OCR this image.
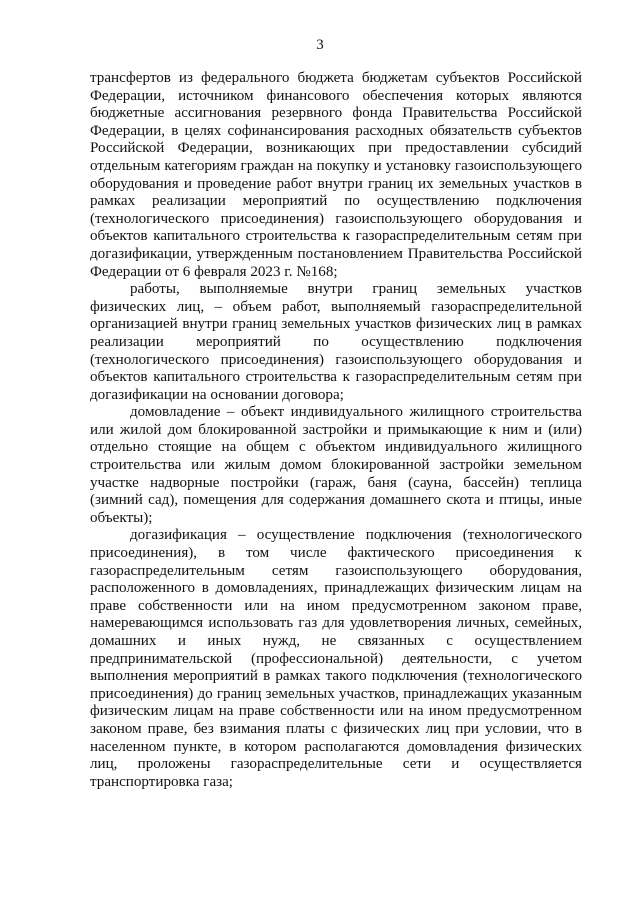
3

трансфертов из федерального бюджета бюджетам субъектов Российской Федерации, источником финансового обеспечения которых являются бюджетные ассигнования резервного фонда Правительства Российской Федерации, в целях софинансирования расходных обязательств субъектов Российской Федерации, возникающих при предоставлении субсидий отдельным категориям граждан на покупку и установку газоиспользующего оборудования и проведение работ внутри границ их земельных участков в рамках реализации мероприятий по осуществлению подключения (технологического присоединения) газоиспользующего оборудования и объектов капитального строительства к газораспределительным сетям при догазификации, утвержденным постановлением Правительства Российской Федерации от 6 февраля 2023 г. №168;

работы, выполняемые внутри границ земельных участков физических лиц, – объем работ, выполняемый газораспределительной организацией внутри границ земельных участков физических лиц в рамках реализации мероприятий по осуществлению подключения (технологического присоединения) газоиспользующего оборудования и объектов капитального строительства к газораспределительным сетям при догазификации на основании договора;

домовладение – объект индивидуального жилищного строительства или жилой дом блокированной застройки и примыкающие к ним и (или) отдельно стоящие на общем с объектом индивидуального жилищного строительства или жилым домом блокированной застройки земельном участке надворные постройки (гараж, баня (сауна, бассейн) теплица (зимний сад), помещения для содержания домашнего скота и птицы, иные объекты);

догазификация – осуществление подключения (технологического присоединения), в том числе фактического присоединения к газораспределительным сетям газоиспользующего оборудования, расположенного в домовладениях, принадлежащих физическим лицам на праве собственности или на ином предусмотренном законом праве, намеревающимся использовать газ для удовлетворения личных, семейных, домашних и иных нужд, не связанных с осуществлением предпринимательской (профессиональной) деятельности, с учетом выполнения мероприятий в рамках такого подключения (технологического присоединения) до границ земельных участков, принадлежащих указанным физическим лицам на праве собственности или на ином предусмотренном законом праве, без взимания платы с физических лиц при условии, что в населенном пункте, в котором располагаются домовладения физических лиц, проложены газораспределительные сети и осуществляется транспортировка газа;
